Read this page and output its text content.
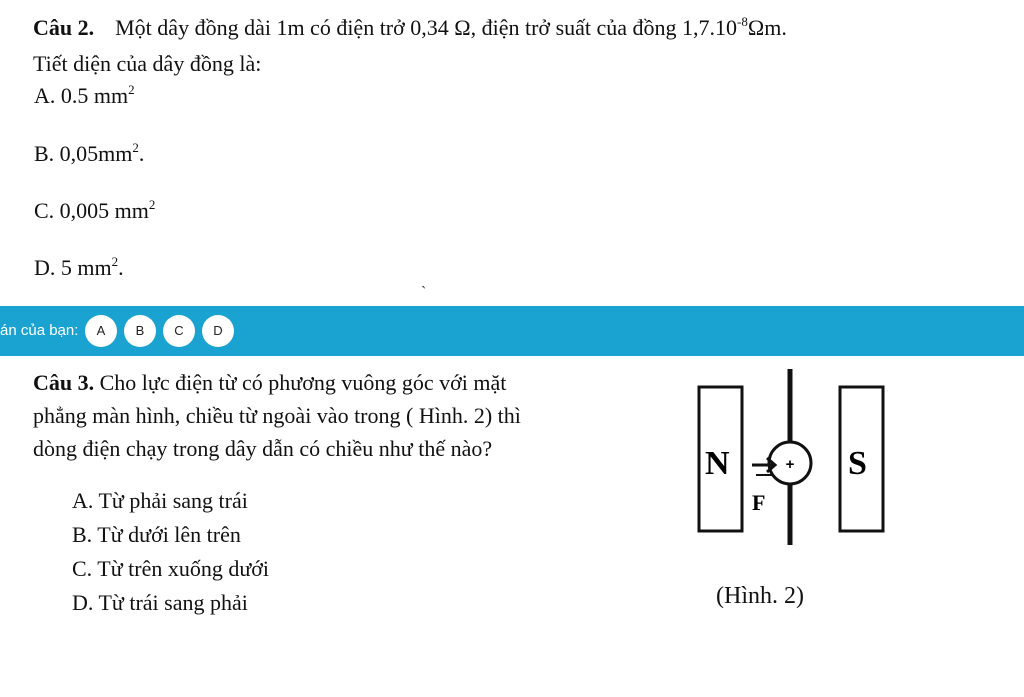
Câu 2. Một dây đồng dài 1m có điện trở 0,34 Ω, điện trở suất của đồng $1,7.10^{-8}\Omega m$.
Tiết diện của dây đồng là:
A. 0.5 $mm^2$
B. $0,05mm^2$.
C. 0,005 $mm^2$
D. 5 $mm^2$.
ˏ
án của bạn:	A	B	C	D
Câu 3. Cho lực điện từ có phương vuông góc với mặt
phẳng màn hình, chiều từ ngoài vào trong ( Hình. 2) thì
dòng điện chạy trong dây dẫn có chiều như thế nào?
A. Từ phải sang trái
B. Từ dưới lên trên
C. Từ trên xuống dưới
D. Từ trái sang phải
+
N	S
F
(Hình. 2)
